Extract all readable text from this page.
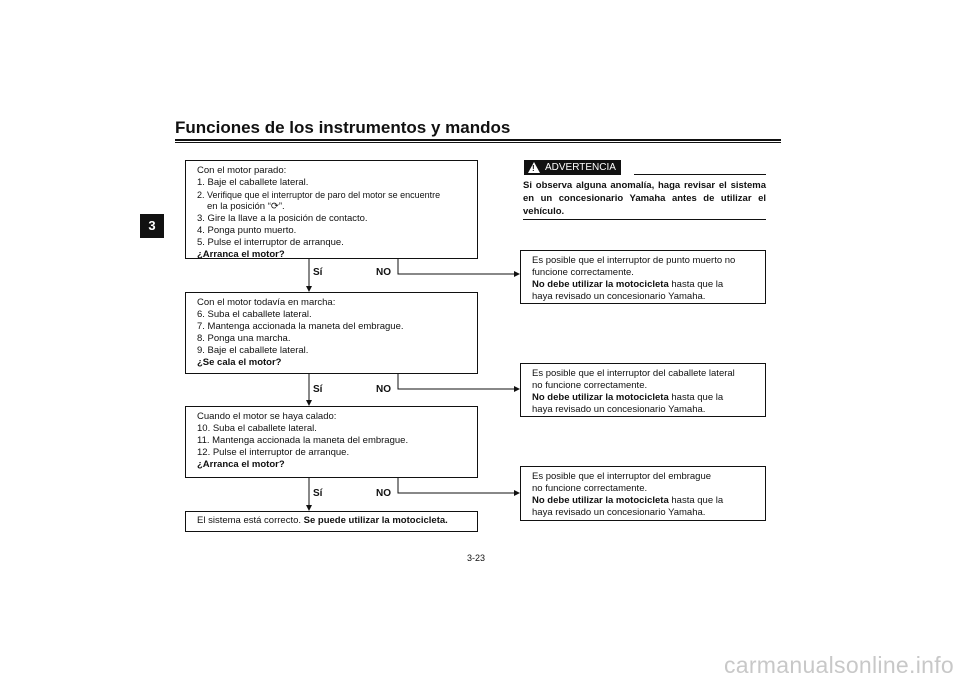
Funciones de los instrumentos y mandos
3
Con el motor parado:
1. Baje el caballete lateral.
2. Verifique que el interruptor de paro del motor se encuentre
en la posición “⟳”.
3. Gire la llave a la posición de contacto.
4. Ponga punto muerto.
5. Pulse el interruptor de arranque.
¿Arranca el motor?
Sí	NO
Con el motor todavía en marcha:
6. Suba el caballete lateral.
7. Mantenga accionada la maneta del embrague.
8. Ponga una marcha.
9. Baje el caballete lateral.
¿Se cala el motor?
Sí	NO
Cuando el motor se haya calado:
10. Suba el caballete lateral.
11. Mantenga accionada la maneta del embrague.
12. Pulse el interruptor de arranque.
¿Arranca el motor?
Sí	NO
El sistema está correcto. Se puede utilizar la motocicleta.
! ADVERTENCIA
Si observa alguna anomalía, haga revisar el sistema en un concesionario Yamaha antes de utilizar el vehículo.
Es posible que el interruptor de punto muerto no
funcione correctamente.
No debe utilizar la motocicleta hasta que la
haya revisado un concesionario Yamaha.
Es posible que el interruptor del caballete lateral
no funcione correctamente.
No debe utilizar la motocicleta hasta que la
haya revisado un concesionario Yamaha.
Es posible que el interruptor del embrague
no funcione correctamente.
No debe utilizar la motocicleta hasta que la
haya revisado un concesionario Yamaha.
3-23
carmanualsonline.info
